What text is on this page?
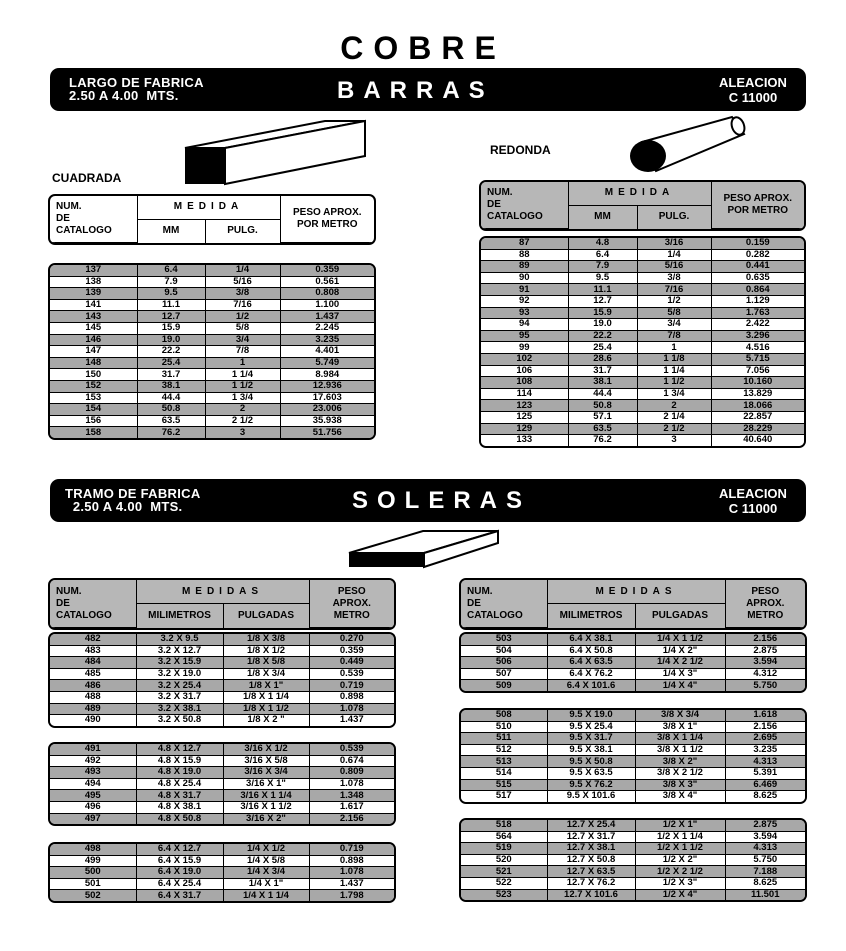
COBRE
LARGO DE FABRICA
2.50 A 4.00  MTS.	BARRAS	ALEACION
C 11000
CUADRADA
REDONDA
NUM.
DE
CATALOGO	MEDIDA		PESO APROX.
POR METRO
	MM	PULG.	
137	6.4	1/4	0.359
138	7.9	5/16	0.561
139	9.5	3/8	0.808
141	11.1	7/16	1.100
143	12.7	1/2	1.437
145	15.9	5/8	2.245
146	19.0	3/4	3.235
147	22.2	7/8	4.401
148	25.4	1	5.749
150	31.7	1 1/4	8.984
152	38.1	1 1/2	12.936
153	44.4	1 3/4	17.603
154	50.8	2	23.006
156	63.5	2 1/2	35.938
158	76.2	3	51.756
NUM.
DE
CATALOGO	MEDIDA		PESO APROX.
POR METRO
	MM	PULG.	
87	4.8	3/16	0.159
88	6.4	1/4	0.282
89	7.9	5/16	0.441
90	9.5	3/8	0.635
91	11.1	7/16	0.864
92	12.7	1/2	1.129
93	15.9	5/8	1.763
94	19.0	3/4	2.422
95	22.2	7/8	3.296
99	25.4	1	4.516
102	28.6	1 1/8	5.715
106	31.7	1 1/4	7.056
108	38.1	1 1/2	10.160
114	44.4	1 3/4	13.829
123	50.8	2	18.066
125	57.1	2 1/4	22.857
129	63.5	2 1/2	28.229
133	76.2	3	40.640
TRAMO DE FABRICA
2.50 A 4.00  MTS.	SOLERAS	ALEACION
C 11000
NUM.
DE
CATALOGO	MEDIDAS		PESO
APROX.
METRO
	MILIMETROS	PULGADAS	
NUM.
DE
CATALOGO	MEDIDAS		PESO
APROX.
METRO
	MILIMETROS	PULGADAS	
482	3.2 X 9.5	1/8 X 3/8	0.270
483	3.2 X 12.7	1/8 X 1/2	0.359
484	3.2 X 15.9	1/8 X 5/8	0.449
485	3.2 X 19.0	1/8 X 3/4	0.539
486	3.2 X 25.4	1/8 X 1"	0.719
488	3.2 X 31.7	1/8 X 1 1/4	0.898
489	3.2 X 38.1	1/8 X 1 1/2	1.078
490	3.2 X 50.8	1/8 X 2 "	1.437
491	4.8 X 12.7	3/16 X 1/2	0.539
492	4.8 X 15.9	3/16 X 5/8	0.674
493	4.8 X 19.0	3/16 X 3/4	0.809
494	4.8 X 25.4	3/16 X 1"	1.078
495	4.8 X 31.7	3/16 X 1 1/4	1.348
496	4.8 X 38.1	3/16 X 1 1/2	1.617
497	4.8 X 50.8	3/16 X 2"	2.156
498	6.4 X 12.7	1/4 X 1/2	0.719
499	6.4 X 15.9	1/4 X 5/8	0.898
500	6.4 X 19.0	1/4 X 3/4	1.078
501	6.4 X 25.4	1/4 X 1"	1.437
502	6.4 X 31.7	1/4 X 1 1/4	1.798
503	6.4 X 38.1	1/4 X 1 1/2	2.156
504	6.4 X 50.8	1/4 X 2"	2.875
506	6.4 X 63.5	1/4 X 2 1/2	3.594
507	6.4 X 76.2	1/4 X 3"	4.312
509	6.4 X 101.6	1/4 X 4"	5.750
508	9.5 X 19.0	3/8 X 3/4	1.618
510	9.5 X 25.4	3/8 X 1"	2.156
511	9.5 X 31.7	3/8 X 1 1/4	2.695
512	9.5 X 38.1	3/8 X 1 1/2	3.235
513	9.5 X 50.8	3/8 X 2"	4.313
514	9.5 X 63.5	3/8 X 2 1/2	5.391
515	9.5 X 76.2	3/8 X 3"	6.469
517	9.5 X 101.6	3/8 X 4"	8.625
518	12.7 X 25.4	1/2 X 1"	2.875
564	12.7 X 31.7	1/2 X 1 1/4	3.594
519	12.7 X 38.1	1/2 X 1 1/2	4.313
520	12.7 X 50.8	1/2 X 2"	5.750
521	12.7 X 63.5	1/2 X 2 1/2	7.188
522	12.7 X 76.2	1/2 X 3"	8.625
523	12.7 X 101.6	1/2 X 4"	11.501
